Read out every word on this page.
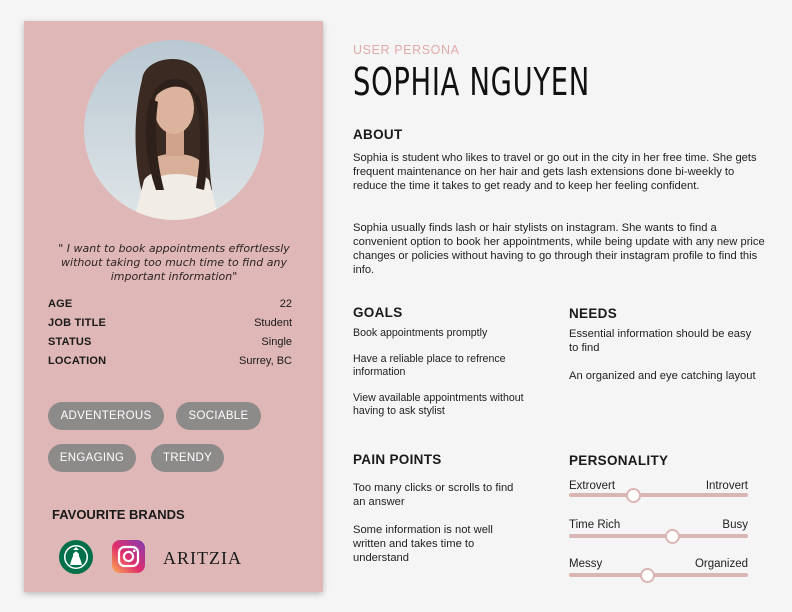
" I want to book appointments effortlessly without taking too much time to find any important information"
AGE	22
JOB TITLE	Student
STATUS	Single
LOCATION	Surrey, BC
ADVENTEROUS	SOCIABLE
ENGAGING	TRENDY
FAVOURITE BRANDS
ARITZIA
USER PERSONA
SOPHIA NGUYEN
ABOUT
Sophia is student who likes to travel or go out in the city in her free time. She gets frequent maintenance on her hair and gets lash extensions done bi-weekly to reduce the time it takes to get ready and to keep her feeling confident.
Sophia usually finds lash or hair stylists on instagram. She wants to find a convenient option to book her appointments, while being update with any new price changes or policies without having to go through their instagram profile to find this info.
GOALS
Book appointments promptly
Have a reliable place to refrence information
View available appointments without having to ask stylist
NEEDS
Essential information should be easy to find
An organized and eye catching layout
PAIN POINTS
Too many clicks or scrolls to find an answer
Some information is not well written and takes time to understand
PERSONALITY
Extrovert	Introvert
Time Rich	Busy
Messy	Organized
